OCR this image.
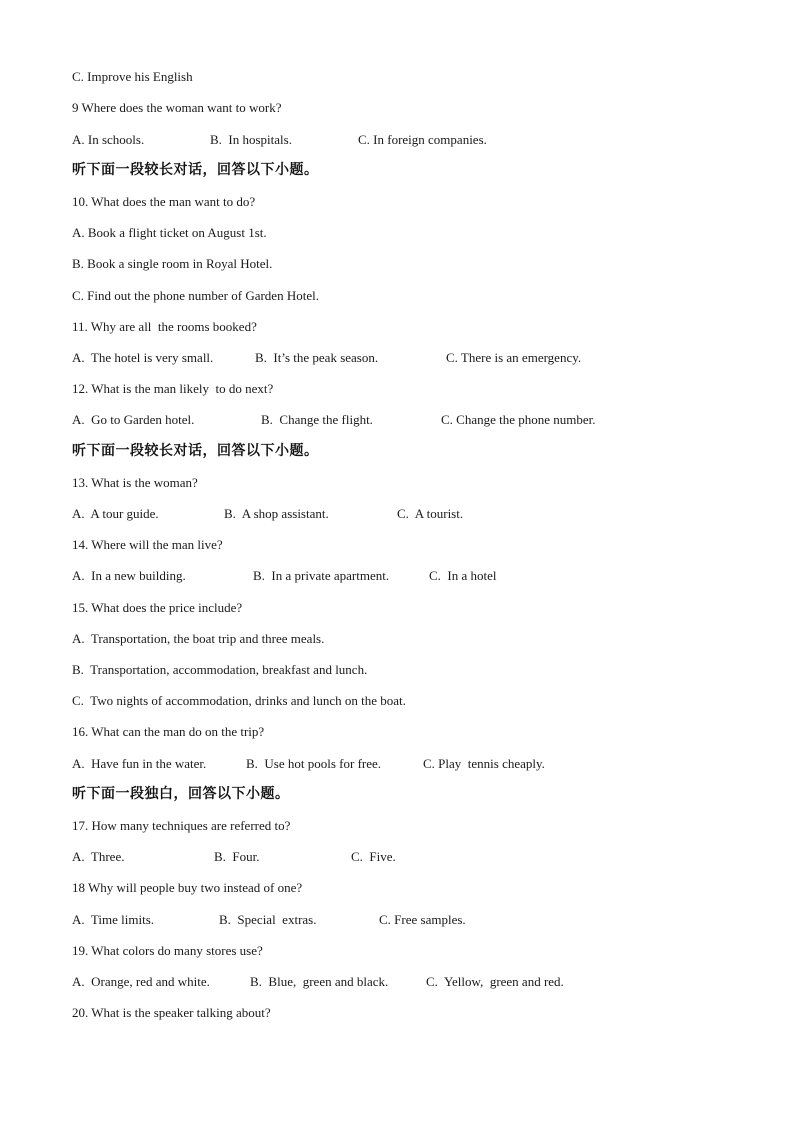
C. Improve his English
9 Where does the woman want to work?
A. In schools.	B.  In hospitals.	C. In foreign companies.
听下面一段较长对话，回答以下小题。
10. What does the man want to do?
A. Book a flight ticket on August 1st.
B. Book a single room in Royal Hotel.
C. Find out the phone number of Garden Hotel.
11. Why are all  the rooms booked?
A.  The hotel is very small.	B.  It’s the peak season.	C. There is an emergency.
12. What is the man likely  to do next?
A.  Go to Garden hotel.	B.  Change the flight.	C. Change the phone number.
听下面一段较长对话，回答以下小题。
13. What is the woman?
A.  A tour guide.	B.  A shop assistant.	C.  A tourist.
14. Where will the man live?
A.  In a new building.	B.  In a private apartment.	C.  In a hotel
15. What does the price include?
A.  Transportation, the boat trip and three meals.
B.  Transportation, accommodation, breakfast and lunch.
C.  Two nights of accommodation, drinks and lunch on the boat.
16. What can the man do on the trip?
A.  Have fun in the water.	B.  Use hot pools for free.	C. Play  tennis cheaply.
听下面一段独白，回答以下小题。
17. How many techniques are referred to?
A.  Three.	B.  Four.	C.  Five.
18 Why will people buy two instead of one?
A.  Time limits.	B.  Special  extras.	C. Free samples.
19. What colors do many stores use?
A.  Orange, red and white.	B.  Blue,  green and black.	C.  Yellow,  green and red.
20. What is the speaker talking about?
